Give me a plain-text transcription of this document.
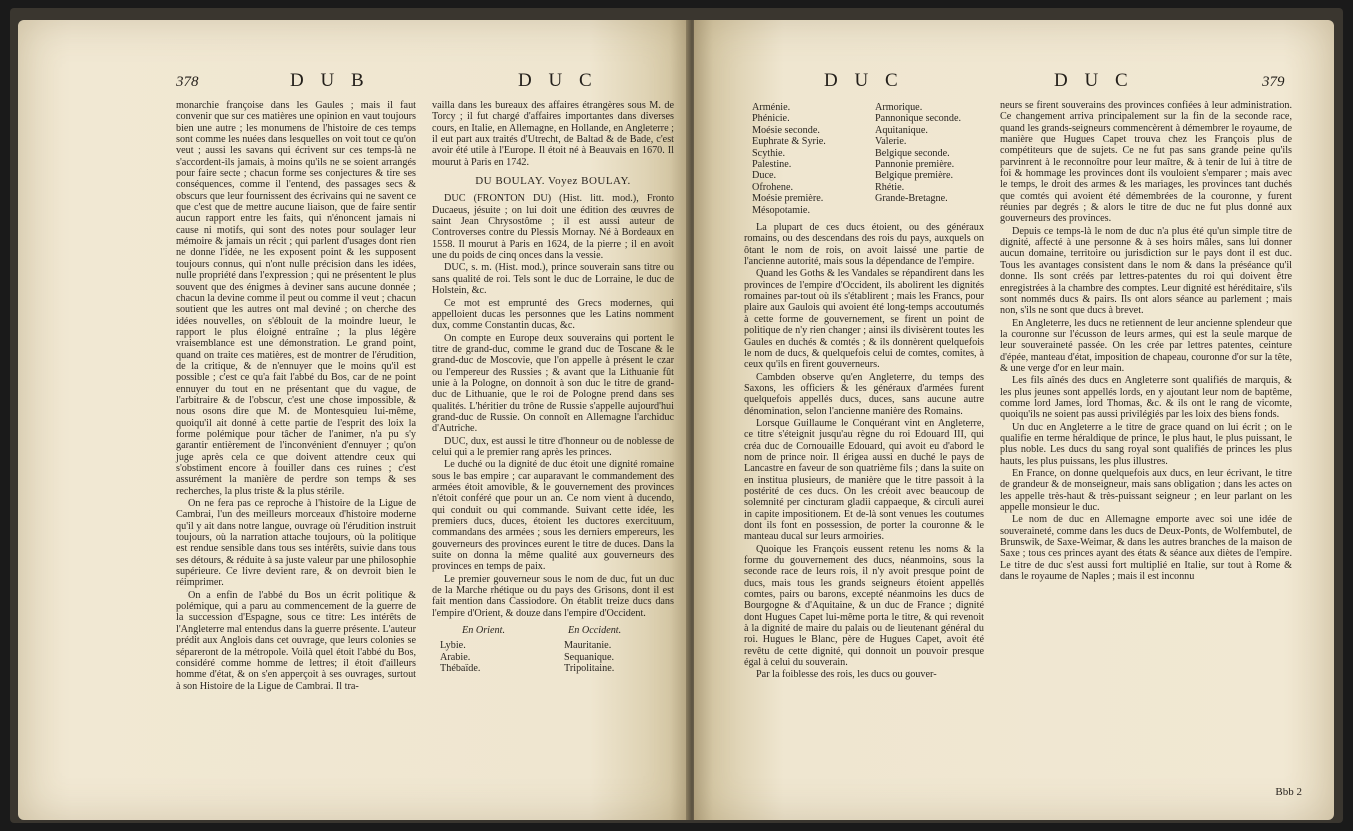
378	D U B	D U C

monarchie françoise dans les Gaules ; mais il faut convenir que sur ces matières une opinion en vaut toujours bien une autre ; les monumens de l'histoire de ces temps sont comme les nuées dans lesquelles on voit tout ce qu'on veut ; aussi les savans qui écrivent sur ces temps-là ne s'accordent-ils jamais, à moins qu'ils ne se soient arrangés pour faire secte ; chacun forme ses conjectures & tire ses conséquences, comme il l'entend, des passages secs & obscurs que leur fournissent des écrivains qui ne savent ce que c'est que de mettre aucune liaison, que de faire sentir aucun rapport entre les faits, qui n'énoncent jamais ni cause ni motifs, qui sont des notes pour soulager leur mémoire & jamais un récit ; qui parlent d'usages dont rien ne donne l'idée, ne les exposent point & les supposent toujours connus, qui n'ont nulle précision dans les idées, nulle propriété dans l'expression ; qui ne présentent le plus souvent que des énigmes à deviner sans aucune donnée ; chacun la devine comme il peut ou comme il veut ; chacun soutient que les autres ont mal deviné ; on cherche des idées nouvelles, on s'éblouit de la moindre lueur, le rapport le plus éloigné entraîne ; la plus légère vraisemblance est une démonstration. Le grand point, quand on traite ces matières, est de montrer de l'érudition, de la critique, & de n'ennuyer que le moins qu'il est possible ; c'est ce qu'a fait l'abbé du Bos, car de ne point ennuyer du tout en ne présentant que du vague, de l'arbitraire & de l'obscur, c'est une chose impossible, & nous osons dire que M. de Montesquieu lui-même, quoiqu'il ait donné à cette partie de l'esprit des loix la forme polémique pour tâcher de l'animer, n'a pu s'y garantir entièrement de l'inconvénient d'ennuyer ; qu'on juge après cela ce que doivent attendre ceux qui s'obstiment encore à fouiller dans ces ruines ; c'est assurément la manière de perdre son temps & ses recherches, la plus triste & la plus stérile.

On ne fera pas ce reproche à l'histoire de la Ligue de Cambrai, l'un des meilleurs morceaux d'histoire moderne qu'il y ait dans notre langue, ouvrage où l'érudition instruit toujours, où la narration attache toujours, où la politique est rendue sensible dans tous ses intérêts, suivie dans tous ses détours, & réduite à sa juste valeur par une philosophie supérieure. Ce livre devient rare, & on devroit bien le réimprimer.

On a enfin de l'abbé du Bos un écrit politique & polémique, qui a paru au commencement de la guerre de la succession d'Espagne, sous ce titre: Les intérêts de l'Angleterre mal entendus dans la guerre présente. L'auteur prédit aux Anglois dans cet ouvrage, que leurs colonies se sépareront de la métropole. Voilà quel étoit l'abbé du Bos, considéré comme homme de lettres; il étoit d'ailleurs homme d'état, & on s'en apperçoit à ses ouvrages, surtout à son Histoire de la Ligue de Cambrai. Il tra-

vailla dans les bureaux des affaires étrangères sous M. de Torcy ; il fut chargé d'affaires importantes dans diverses cours, en Italie, en Allemagne, en Hollande, en Angleterre ; il eut part aux traités d'Utrecht, de Baltad & de Bade, c'est avoir été utile à l'Europe. Il étoit né à Beauvais en 1670. Il mourut à Paris en 1742.

DU BOULAY. Voyez BOULAY.

DUC (FRONTON DU) (Hist. litt. mod.), Fronto Ducaeus, jésuite ; on lui doit une édition des œuvres de saint Jean Chrysostôme ; il est aussi auteur de Controverses contre du Plessis Mornay. Né à Bordeaux en 1558. Il mourut à Paris en 1624, de la pierre ; il en avoit une du poids de cinq onces dans la vessie.

DUC, s. m. (Hist. mod.), prince souverain sans titre ou sans qualité de roi. Tels sont le duc de Lorraine, le duc de Holstein, &c.

Ce mot est emprunté des Grecs modernes, qui appelloient ducas les personnes que les Latins nomment dux, comme Constantin ducas, &c.

On compte en Europe deux souverains qui portent le titre de grand-duc, comme le grand duc de Toscane & le grand-duc de Moscovie, que l'on appelle à présent le czar ou l'empereur des Russies ; & avant que la Lithuanie fût unie à la Pologne, on donnoit à son duc le titre de grand-duc de Lithuanie, que le roi de Pologne prend dans ses qualités. L'héritier du trône de Russie s'appelle aujourd'hui grand-duc de Russie. On connoît en Allemagne l'archiduc d'Autriche.

DUC, dux, est aussi le titre d'honneur ou de noblesse de celui qui a le premier rang après les princes.

Le duché ou la dignité de duc étoit une dignité romaine sous le bas empire ; car auparavant le commandement des armées étoit amovible, & le gouvernement des provinces n'étoit conféré que pour un an. Ce nom vient à ducendo, qui conduit ou qui commande. Suivant cette idée, les premiers ducs, duces, étoient les ductores exercituum, commandans des armées ; sous les derniers empereurs, les gouverneurs des provinces eurent le titre de duces. Dans la suite on donna la même qualité aux gouverneurs des provinces en temps de paix.

Le premier gouverneur sous le nom de duc, fut un duc de la Marche rhétique ou du pays des Grisons, dont il est fait mention dans Cassiodore. On établit treize ducs dans l'empire d'Orient, & douze dans l'empire d'Occident.

En Orient.	En Occident.
Lybie.	Mauritanie.
Arabie.	Sequanique.
Thébaïde.	Tripolitaine.
D U C	D U C	379
Arménie.	Armorique.
Phénicie.	Pannonique seconde.
Moésie seconde.	Aquitanique.
Euphrate & Syrie.	Valerie.
Scythie.	Belgique seconde.
Palestine.	Pannonie première.
Duce.	Belgique première.
Ofrohene.	Rhétie.
Moésie première.	Grande-Bretagne.
Mésopotamie.

La plupart de ces ducs étoient, ou des généraux romains, ou des descendans des rois du pays, auxquels on ôtant le nom de rois, on avoit laissé une partie de l'ancienne autorité, mais sous la dépendance de l'empire.

Quand les Goths & les Vandales se répandirent dans les provinces de l'empire d'Occident, ils abolirent les dignités romaines par-tout où ils s'établirent ; mais les Francs, pour plaire aux Gaulois qui avoient été long-temps accoutumés à cette forme de gouvernement, se firent un point de politique de n'y rien changer ; ainsi ils divisèrent toutes les Gaules en duchés & comtés ; & ils donnèrent quelquefois le nom de ducs, & quelquefois celui de comtes, comites, à ceux qu'ils en firent gouverneurs.

Cambden observe qu'en Angleterre, du temps des Saxons, les officiers & les généraux d'armées furent quelquefois appellés ducs, duces, sans aucune autre dénomination, selon l'ancienne manière des Romains.

Lorsque Guillaume le Conquérant vint en Angleterre, ce titre s'éteignit jusqu'au règne du roi Edouard III, qui créa duc de Cornouaille Edouard, qui avoit eu d'abord le nom de prince noir. Il érigea aussi en duché le pays de Lancastre en faveur de son quatrième fils ; dans la suite on en institua plusieurs, de manière que le titre passoit à la postérité de ces ducs. On les créoit avec beaucoup de solemnité per cincturam gladii cappaeque, & circuli aurei in capite impositionem. Et de-là sont venues les coutumes dont ils font en possession, de porter la couronne & le manteau ducal sur leurs armoiries.

Quoique les François eussent retenu les noms & la forme du gouvernement des ducs, néanmoins, sous la seconde race de leurs rois, il n'y avoit presque point de ducs, mais tous les grands seigneurs étoient appellés comtes, pairs ou barons, excepté néanmoins les ducs de Bourgogne & d'Aquitaine, & un duc de France ; dignité dont Hugues Capet lui-même porta le titre, & qui revenoit à la dignité de maire du palais ou de lieutenant général du roi. Hugues le Blanc, père de Hugues Capet, avoit été revêtu de cette dignité, qui donnoit un pouvoir presque égal à celui du souverain.

Par la foiblesse des rois, les ducs ou gouver-

neurs se firent souverains des provinces confiées à leur administration. Ce changement arriva principalement sur la fin de la seconde race, quand les grands-seigneurs commencèrent à démembrer le royaume, de manière que Hugues Capet trouva chez les François plus de compétiteurs que de sujets. Ce ne fut pas sans grande peine qu'ils parvinrent à le reconnoître pour leur maître, & à tenir de lui à titre de foi & hommage les provinces dont ils vouloient s'emparer ; mais avec le temps, le droit des armes & les mariages, les provinces tant duchés que comtés qui avoient été démembrées de la couronne, y furent réunies par degrés ; & alors le titre de duc ne fut plus donné aux gouverneurs des provinces.

Depuis ce temps-là le nom de duc n'a plus été qu'un simple titre de dignité, affecté à une personne & à ses hoirs mâles, sans lui donner aucun domaine, territoire ou jurisdiction sur le pays dont il est duc. Tous les avantages consistent dans le nom & dans la préséance qu'il donne. Ils sont créés par lettres-patentes du roi qui doivent être enregistrées à la chambre des comptes. Leur dignité est héréditaire, s'ils sont nommés ducs & pairs. Ils ont alors séance au parlement ; mais non, s'ils ne sont que ducs à brevet.

En Angleterre, les ducs ne retiennent de leur ancienne splendeur que la couronne sur l'écusson de leurs armes, qui est la seule marque de leur souveraineté passée. On les crée par lettres patentes, ceinture d'épée, manteau d'état, imposition de chapeau, couronne d'or sur la tête, & une verge d'or en leur main.

Les fils aînés des ducs en Angleterre sont qualifiés de marquis, & les plus jeunes sont appellés lords, en y ajoutant leur nom de baptême, comme lord James, lord Thomas, &c. & ils ont le rang de vicomte, quoiqu'ils ne soient pas aussi privilégiés par les loix des biens fonds.

Un duc en Angleterre a le titre de grace quand on lui écrit ; on le qualifie en terme héraldique de prince, le plus haut, le plus puissant, le plus noble. Les ducs du sang royal sont qualifiés de princes les plus hauts, les plus puissans, les plus illustres.

En France, on donne quelquefois aux ducs, en leur écrivant, le titre de grandeur & de monseigneur, mais sans obligation ; dans les actes on les appelle très-haut & très-puissant seigneur ; en leur parlant on les appelle monsieur le duc.

Le nom de duc en Allemagne emporte avec soi une idée de souveraineté, comme dans les ducs de Deux-Ponts, de Wolfembutel, de Brunswik, de Saxe-Weimar, & dans les autres branches de la maison de Saxe ; tous ces princes ayant des états & séance aux diètes de l'empire. Le titre de duc s'est aussi fort multiplié en Italie, sur tout à Rome & dans le royaume de Naples ; mais il est inconnu

Bbb 2
